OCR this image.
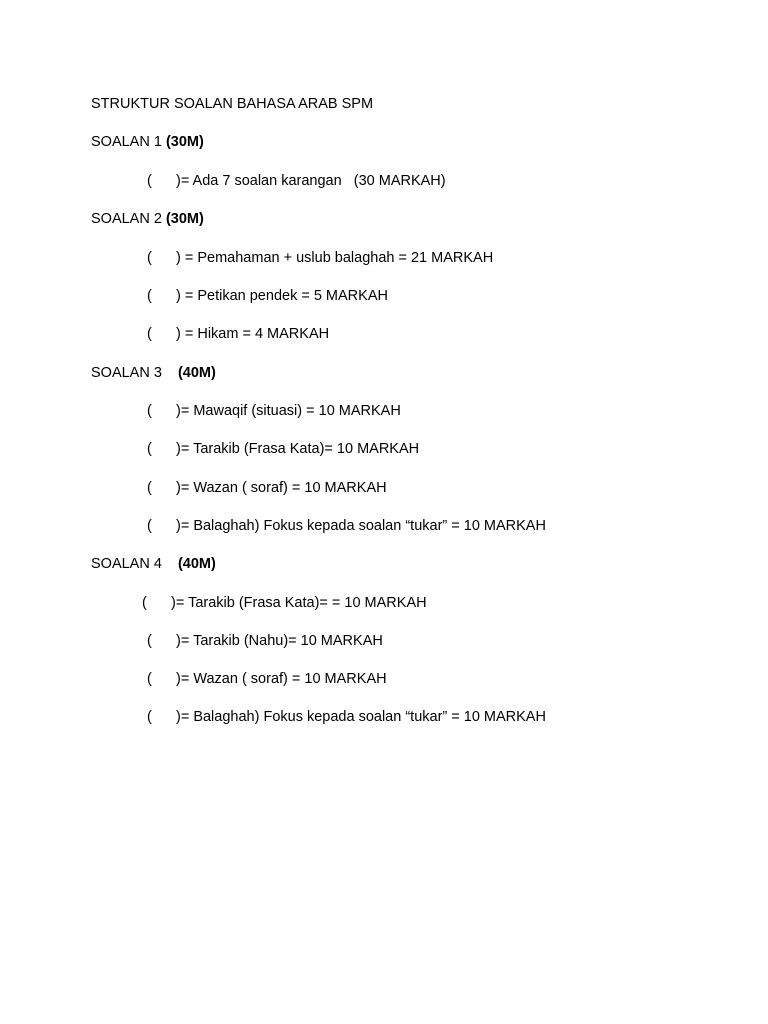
STRUKTUR SOALAN BAHASA ARAB SPM
SOALAN 1 (30M)
(      )= Ada 7 soalan karangan   (30 MARKAH)
SOALAN 2 (30M)
(      ) = Pemahaman + uslub balaghah = 21 MARKAH
(      ) = Petikan pendek = 5 MARKAH
(      ) = Hikam = 4 MARKAH
SOALAN 3 (40M)
(      )= Mawaqif (situasi) = 10 MARKAH
(      )= Tarakib (Frasa Kata)= 10 MARKAH
(      )= Wazan ( soraf) = 10 MARKAH
(      )= Balaghah) Fokus kepada soalan “tukar” = 10 MARKAH
SOALAN 4 (40M)
(      )= Tarakib (Frasa Kata)= = 10 MARKAH
(      )= Tarakib (Nahu)= 10 MARKAH
(      )= Wazan ( soraf) = 10 MARKAH
(      )= Balaghah) Fokus kepada soalan “tukar” = 10 MARKAH
